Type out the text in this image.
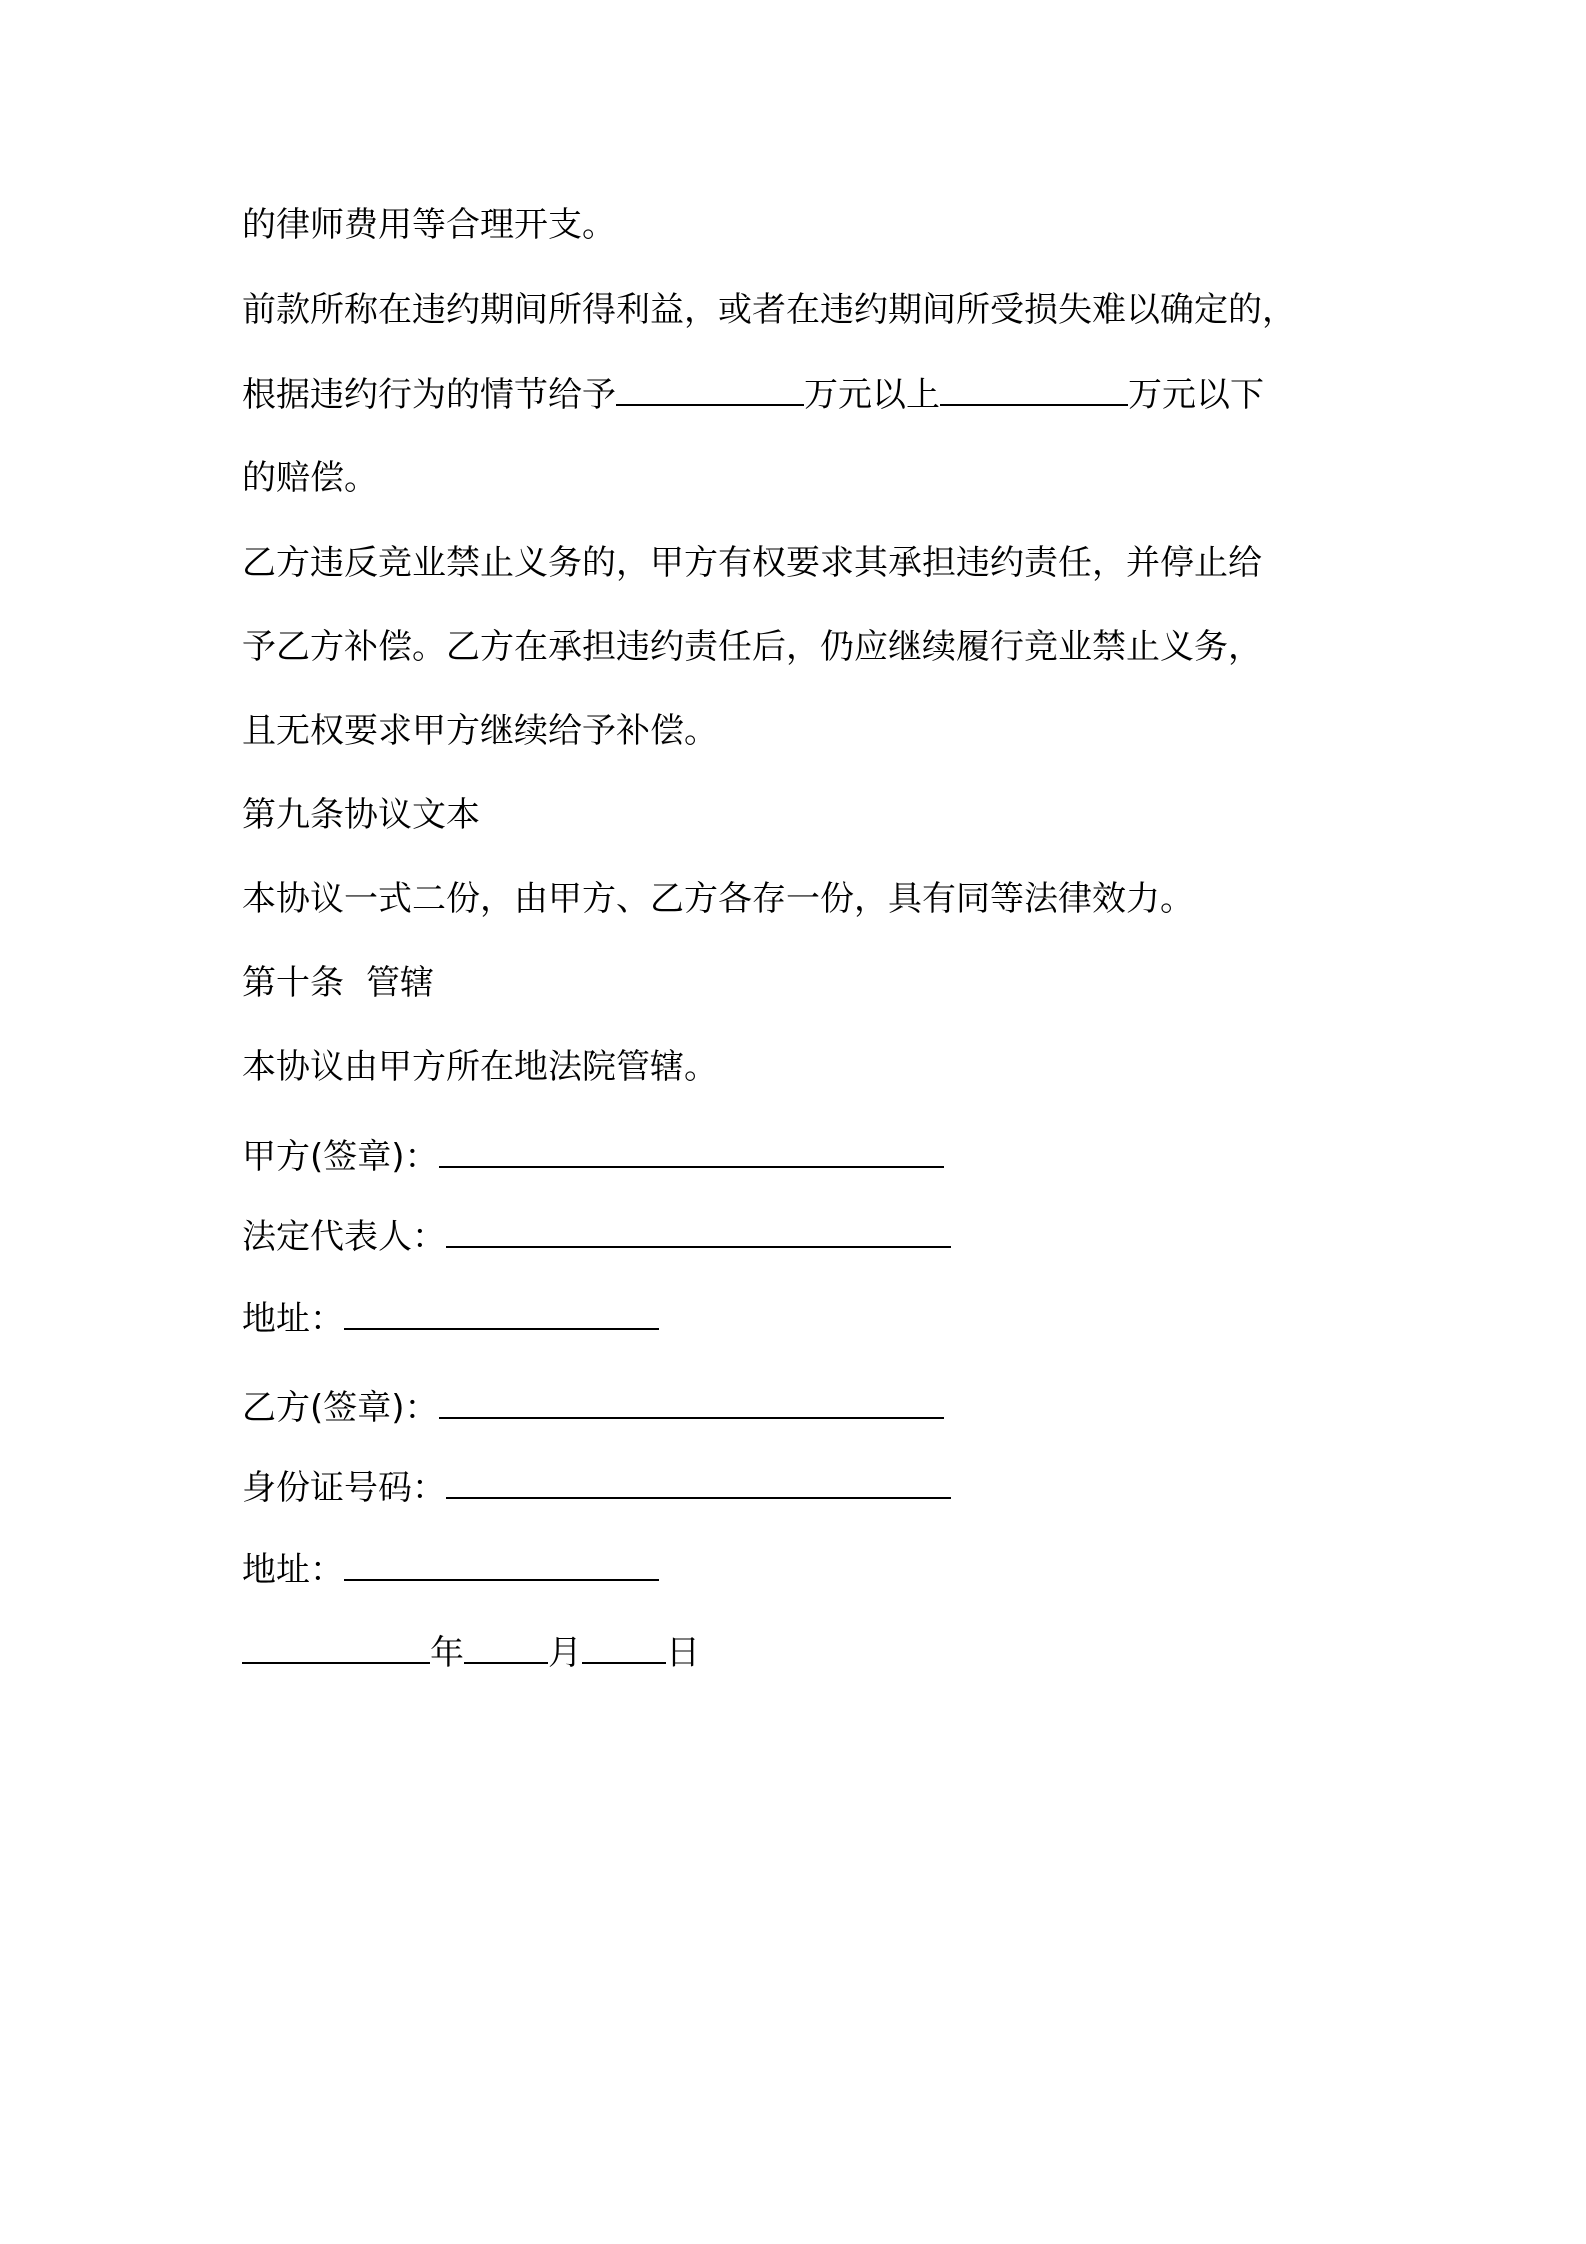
的律师费用等合理开支。
前款所称在违约期间所得利益，或者在违约期间所受损失难以确定的，
根据违约行为的情节给予	万元以上	万元以下
的赔偿。
乙方违反竞业禁止义务的，甲方有权要求其承担违约责任，并停止给
予乙方补偿。乙方在承担违约责任后，仍应继续履行竞业禁止义务，
且无权要求甲方继续给予补偿。
第九条协议文本
本协议一式二份，由甲方、乙方各存一份，具有同等法律效力。
第十条 管辖
本协议由甲方所在地法院管辖。
甲方(签章)：
法定代表人：
地址：
乙方(签章)：
身份证号码：
地址：
年 月 日
